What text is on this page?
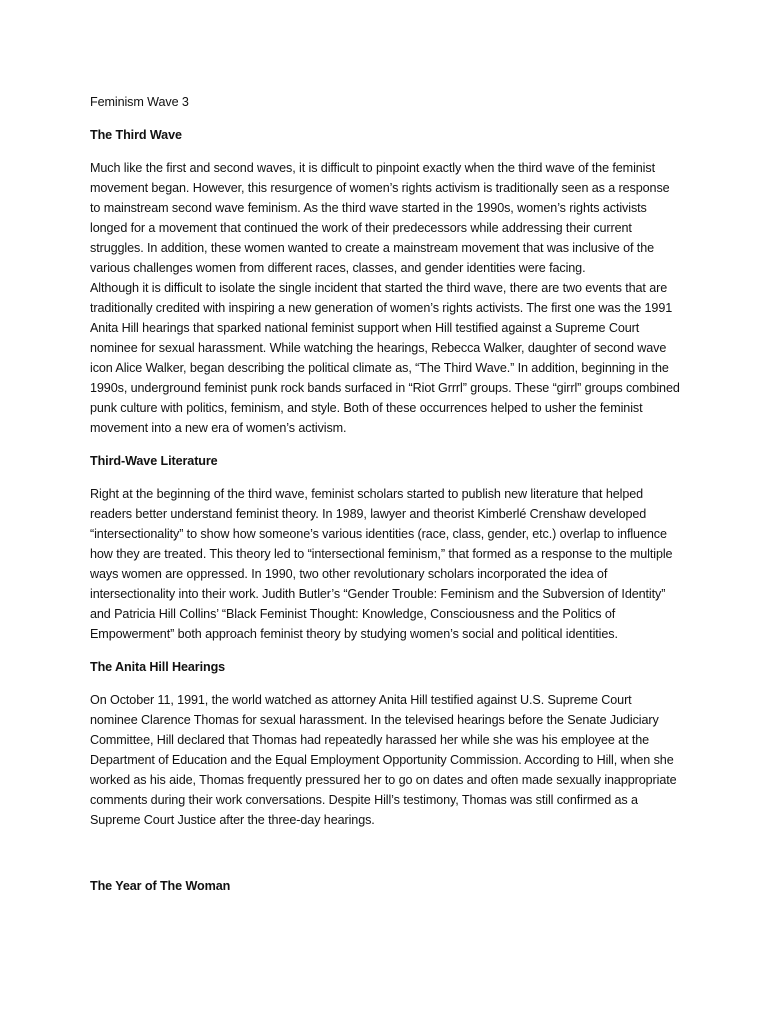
Feminism Wave 3

The Third Wave

Much like the first and second waves, it is difficult to pinpoint exactly when the third wave of the feminist movement began. However, this resurgence of women’s rights activism is traditionally seen as a response to mainstream second wave feminism. As the third wave started in the 1990s, women’s rights activists longed for a movement that continued the work of their predecessors while addressing their current struggles. In addition, these women wanted to create a mainstream movement that was inclusive of the various challenges women from different races, classes, and gender identities were facing.

Although it is difficult to isolate the single incident that started the third wave, there are two events that are traditionally credited with inspiring a new generation of women’s rights activists. The first one was the 1991 Anita Hill hearings that sparked national feminist support when Hill testified against a Supreme Court nominee for sexual harassment. While watching the hearings, Rebecca Walker, daughter of second wave icon Alice Walker, began describing the political climate as, “The Third Wave.” In addition, beginning in the 1990s, underground feminist punk rock bands surfaced in “Riot Grrrl” groups. These “girrl” groups combined punk culture with politics, feminism, and style. Both of these occurrences helped to usher the feminist movement into a new era of women’s activism.

Third-Wave Literature

Right at the beginning of the third wave, feminist scholars started to publish new literature that helped readers better understand feminist theory. In 1989, lawyer and theorist Kimberlé Crenshaw developed “intersectionality” to show how someone’s various identities (race, class, gender, etc.) overlap to influence how they are treated. This theory led to “intersectional feminism,” that formed as a response to the multiple ways women are oppressed. In 1990, two other revolutionary scholars incorporated the idea of intersectionality into their work. Judith Butler’s “Gender Trouble: Feminism and the Subversion of Identity” and Patricia Hill Collins’ “Black Feminist Thought: Knowledge, Consciousness and the Politics of Empowerment” both approach feminist theory by studying women’s social and political identities.

The Anita Hill Hearings

On October 11, 1991, the world watched as attorney Anita Hill testified against U.S. Supreme Court nominee Clarence Thomas for sexual harassment. In the televised hearings before the Senate Judiciary Committee, Hill declared that Thomas had repeatedly harassed her while she was his employee at the Department of Education and the Equal Employment Opportunity Commission. According to Hill, when she worked as his aide, Thomas frequently pressured her to go on dates and often made sexually inappropriate comments during their work conversations. Despite Hill’s testimony, Thomas was still confirmed as a Supreme Court Justice after the three-day hearings.

The Year of The Woman
